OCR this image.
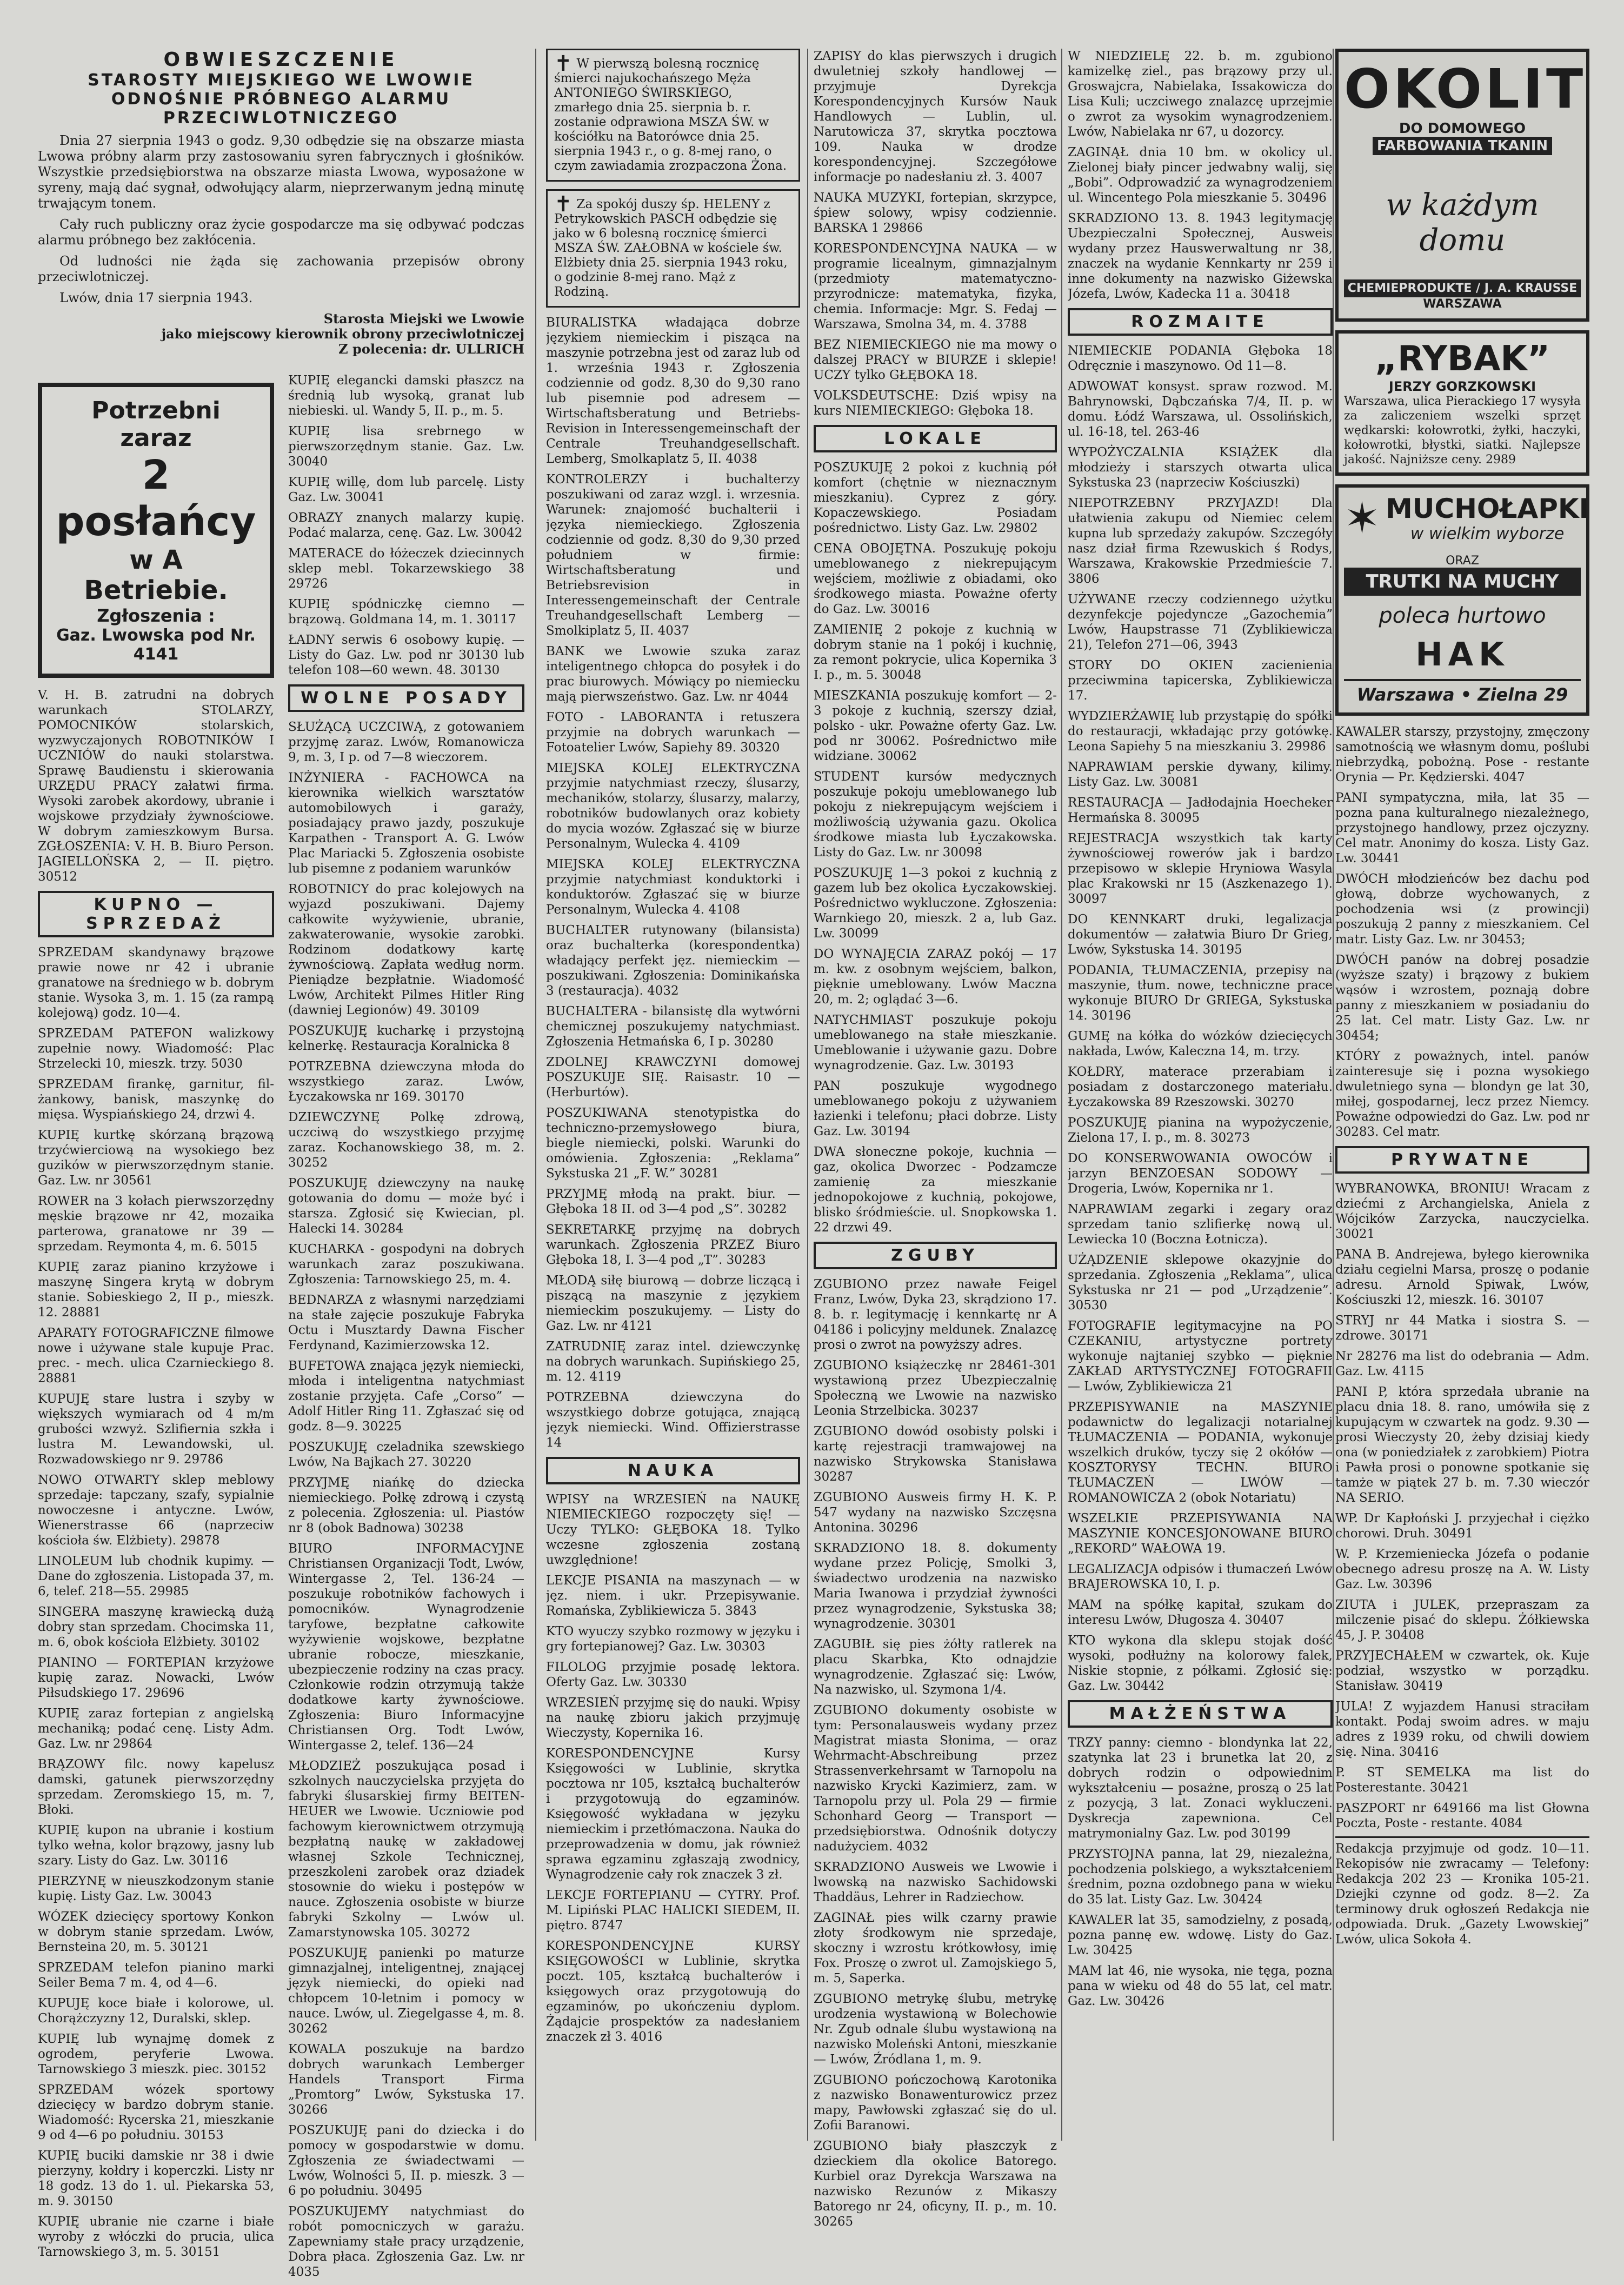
OBWIESZCZENIE
STAROSTY MIEJSKIEGO WE LWOWIE
ODNOŚNIE PRÓBNEGO ALARMU PRZECIWLOTNICZEGO
Dnia 27 sierpnia 1943 o godz. 9,30 odbędzie się na obszarze miasta Lwowa próbny alarm przy zastosowaniu syren fabrycznych i głośników. Wszystkie przedsiębiorstwa na obszarze miasta Lwowa, wyposażone w syreny, mają dać sygnał, odwołujący alarm, nieprzerwanym jedną minutę trwającym tonem.
Cały ruch publiczny oraz życie gospodarcze ma się odbywać podczas alarmu próbnego bez zakłócenia.
Od ludności nie żąda się zachowania przepisów obrony przeciwlotniczej.
Lwów, dnia 17 sierpnia 1943.
Starosta Miejski we Lwowie
jako miejscowy kierownik obrony przeciwlotniczej
Z polecenia: dr. ULLRICH
Potrzebni zaraz
2 posłańcy
w A Betriebie.
Zgłoszenia :
Gaz. Lwowska pod Nr. 4141
V. H. B. zatrudni na dobrych warunkach STOLARZY, POMOCNIKÓW stolarskich, wyzwyczajonych ROBOTNIKÓW I UCZNIÓW do nauki stolarstwa. Sprawę Baudienstu i skierowania URZĘDU PRACY załatwi firma. Wysoki zarobek akordowy, ubranie i wojskowe przydziały żywnościowe. W dobrym zamieszkowym Bursa. ZGŁOSZENIA: V. H. B. Biuro Person. JAGIELLOŃSKA 2, — II. piętro. 30512
KUPNO — SPRZEDAŻ
SPRZEDAM skandynawy brązowe prawie nowe nr 42 i ubranie granatowe na średniego w b. dobrym stanie. Wysoka 3, m. 1. 15 (za rampą kolejową) godz. 10—4.
SPRZEDAM PATEFON walizkowy zupełnie nowy. Wiadomość: Plac Strzelecki 10, mieszk. trzy. 5030
SPRZEDAM firankę, garnitur, filżankowy, banisk, maszynkę do mięsa. Wyspiańskiego 24, drzwi 4.
KUPIĘ kurtkę skórzaną brązową trzyćwierciową na wysokiego bez guzików w pierwszorzędnym stanie. Gaz. Lw. nr 30561
ROWER na 3 kołach pierwszorzędny męskie brązowe nr 42, mozaika parterowa, granatowe nr 39 — sprzedam. Reymonta 4, m. 6. 5015
KUPIĘ zaraz pianino krzyżowe i maszynę Singera krytą w dobrym stanie. Sobieskiego 2, II p., mieszk. 12. 28881
APARATY FOTOGRAFICZNE filmowe nowe i używane stale kupuje Prac. prec. - mech. ulica Czarnieckiego 8. 28881
KUPUJĘ stare lustra i szyby w większych wymiarach od 4 m/m grubości wzwyż. Szlifiernia szkła i lustra M. Lewandowski, ul. Rozwadowskiego nr 9. 29786
NOWO OTWARTY sklep meblowy sprzedaje: tapczany, szafy, sypialnie nowoczesne i antyczne. Lwów, Wienerstrasse 66 (naprzeciw kościoła św. Elżbiety). 29878
LINOLEUM lub chodnik kupimy. — Dane do zgłoszenia. Listopada 37, m. 6, telef. 218—55. 29985
SINGERA maszynę krawiecką dużą dobry stan sprzedam. Chocimska 11, m. 6, obok kościoła Elżbiety. 30102
PIANINO — FORTEPIAN krzyżowe kupię zaraz. Nowacki, Lwów Piłsudskiego 17. 29696
KUPIĘ zaraz fortepian z angielską mechaniką; podać cenę. Listy Adm. Gaz. Lw. nr 29864
BRĄZOWY filc. nowy kapelusz damski, gatunek pierwszorzędny sprzedam. Zeromskiego 15, m. 7, Błoki.
KUPIĘ kupon na ubranie i kostium tylko wełna, kolor brązowy, jasny lub szary. Listy do Gaz. Lw. 30116
PIERZYNĘ w nieuszkodzonym stanie kupię. Listy Gaz. Lw. 30043
WÓZEK dziecięcy sportowy Konkon w dobrym stanie sprzedam. Lwów, Bernsteina 20, m. 5. 30121
SPRZEDAM telefon pianino marki Seiler Bema 7 m. 4, od 4—6.
KUPUJĘ koce białe i kolorowe, ul. Chorążczyzny 12, Duralski, sklep.
KUPIĘ lub wynajmę domek z ogrodem, peryferie Lwowa. Tarnowskiego 3 mieszk. piec. 30152
SPRZEDAM wózek sportowy dziecięcy w bardzo dobrym stanie. Wiadomość: Rycerska 21, mieszkanie 9 od 4—6 po południu. 30153
KUPIĘ buciki damskie nr 38 i dwie pierzyny, kołdry i koperczki. Listy nr 18 godz. 13 do 1. ul. Piekarska 53, m. 9. 30150
KUPIĘ ubranie nie czarne i białe wyroby z włóczki do pruciа, ulica Tarnowskiego 3, m. 5. 30151
KUPIĘ elegancki damski płaszcz na średnią lub wysoką, granat lub niebieski. ul. Wandy 5, II. p., m. 5.
KUPIĘ lisa srebrnego w pierwszorzędnym stanie. Gaz. Lw. 30040
KUPIĘ willę, dom lub parcelę. Listy Gaz. Lw. 30041
OBRAZY znanych malarzy kupię. Podać malarza, cenę. Gaz. Lw. 30042
MATERACE do łóżeczek dziecinnych sklep mebl. Tokarzewskiego 38 29726
KUPIĘ spódniczkę ciemno — brązową. Goldmana 14, m. 1. 30117
ŁADNY serwis 6 osobowy kupię. — Listy do Gaz. Lw. pod nr 30130 lub telefon 108—60 wewn. 48. 30130
WOLNE POSADY
SŁUŻĄCĄ UCZCIWĄ, z gotowaniem przyjmę zaraz. Lwów, Romanowicza 9, m. 3, I p. od 7—8 wieczorem.
INŻYNIERA - FACHOWCA na kierownika wielkich warsztatów automobilowych i garaży, posiadający prawo jazdy, poszukuje Karpathen - Transport A. G. Lwów Plac Mariacki 5. Zgłoszenia osobiste lub pisemne z podaniem warunków
ROBOTNICY do prac kolejowych na wyjazd poszukiwani. Dajemy całkowite wyżywienie, ubranie, zakwaterowanie, wysokie zarobki. Rodzinom dodatkowy kartę żywnościową. Zapłata według norm. Pieniądze bezpłatnie. Wiadomość Lwów, Architekt Pilmes Hitler Ring (dawniej Legionów) 49. 30109
POSZUKUJĘ kucharkę i przystojną kelnerkę. Restauracja Koralnicka 8
POTRZEBNA dziewczyna młoda do wszystkiego zaraz. Lwów, Łyczakowska nr 169. 30170
DZIEWCZYNĘ Polkę zdrową, uczciwą do wszystkiego przyjmę zaraz. Kochanowskiego 38, m. 2. 30252
POSZUKUJĘ dziewczyny na naukę gotowania do domu — może być i starsza. Zgłosić się Kwiecian, pl. Halecki 14. 30284
KUCHARKA - gospodyni na dobrych warunkach zaraz poszukiwana. Zgłoszenia: Tarnowskiego 25, m. 4.
BEDNARZA z własnymi narzędziami na stałe zajęcie poszukuje Fabryka Octu i Musztardy Dawna Fischer Ferdynand, Kazimierzowska 12.
BUFETOWA znająca język niemiecki, młoda i inteligentna natychmiast zostanie przyjęta. Cafe „Corso” — Adolf Hitler Ring 11. Zgłaszać się od godz. 8—9. 30225
POSZUKUJĘ czeladnika szewskiego Lwów, Na Bajkach 27. 30220
PRZYJMĘ niańkę do dziecka niemieckiego. Połkę zdrową i czystą z polecenia. Zgłoszenia: ul. Piastów nr 8 (obok Badnowa) 30238
BIURO INFORMACYJNE Christiansen Organizacji Todt, Lwów, Wintergasse 2, Tel. 136-24 — poszukuje robotników fachowych i pomocników. Wynagrodzenie taryfowe, bezpłatne całkowite wyżywienie wojskowe, bezpłatne ubranie robocze, mieszkanie, ubezpieczenie rodziny na czas pracy. Członkowie rodzin otrzymują także dodatkowe karty żywnościowe. Zgłoszenia: Biuro Informacyjne Christiansen Org. Todt Lwów, Wintergasse 2, telef. 136—24
MŁODZIEŻ poszukująca posad i szkolnych nauczycielska przyjęta do fabryki ślusarskiej firmy BEITEN-HEUER we Lwowie. Uczniowie pod fachowym kierownictwem otrzymują bezpłatną naukę w zakładowej własnej Szkole Technicznej, przeszkoleni zarobek oraz dziadek stosownie do wieku i postępów w nauce. Zgłoszenia osobiste w biurze fabryki Szkolny — Lwów ul. Zamarstynowska 105. 30272
POSZUKUJĘ panienki po maturze gimnazjalnej, inteligentnej, znającej język niemiecki, do opieki nad chłopcem 10-letnim i pomocy w nauce. Lwów, ul. Ziegelgasse 4, m. 8. 30262
KOWALA poszukuje na bardzo dobrych warunkach Lemberger Handels Transport Firma „Promtorg” Lwów, Sykstuska 17. 30266
POSZUKUJĘ pani do dziecka i do pomocy w gospodarstwie w domu. Zgłoszenia ze świadectwami — Lwów, Wolności 5, II. p. mieszk. 3 — 6 po południu. 30495
POSZUKUJEMY natychmiast do robót pomocniczych w garażu. Zapewniamy stałe pracy urządzenie, Dobra płaca. Zgłoszenia Gaz. Lw. nr 4035
✝ W pierwszą bolesną rocznicę śmierci najukochańszego Męża ANTONIEGO ŚWIRSKIEGO, zmarłego dnia 25. sierpnia b. r. zostanie odprawiona MSZA ŚW. w kościółku na Batorówce dnia 25. sierpnia 1943 r., o g. 8-mej rano, o czym zawiadamia zrozpaczona Żona.
✝ Za spokój duszy śp. HELENY z Petrykowskich PASCH odbędzie się jako w 6 bolesną rocznicę śmierci MSZA ŚW. ZAŁOBNA w kościele św. Elżbiety dnia 25. sierpnia 1943 roku, o godzinie 8-mej rano. Mąż z Rodziną.
BIURALISTKA władająca dobrze językiem niemieckim i pisząca na maszynie potrzebna jest od zaraz lub od 1. września 1943 r. Zgłoszenia codziennie od godz. 8,30 do 9,30 rano lub pisemnie pod adresem — Wirtschaftsberatung und Betriebs-Revision in Interessengemeinschaft der Centrale Treuhandgesellschaft. Lemberg, Smolkaplatz 5, II. 4038
KONTROLERZY i buchalterzy poszukiwani od zaraz wzgl. i. wrzesnia. Warunek: znajomość buchalterii i języka niemieckiego. Zgłoszenia codziennie od godz. 8,30 do 9,30 przed południem w firmie: Wirtschaftsberatung und Betriebsrevision in Interessengemeinschaft der Centrale Treuhandgesellschaft Lemberg — Smolkiplatz 5, II. 4037
BANK we Lwowie szuka zaraz inteligentnego chłopca do posyłek i do prac biurowych. Mówiący po niemiecku mają pierwszeństwo. Gaz. Lw. nr 4044
FOTO - LABORANTA i retuszera przyjmie na dobrych warunkach — Fotoatelier Lwów, Sapiehy 89. 30320
MIEJSKA KOLEJ ELEKTRYCZNA przyjmie natychmiast rzeczy, ślusarzy, mechaników, stolarzy, ślusarzy, malarzy, robotników budowlanych oraz kobiety do mycia wozów. Zgłaszać się w biurze Personalnym, Wulecka 4. 4109
MIEJSKA KOLEJ ELEKTRYCZNA przyjmie natychmiast konduktorki i konduktorów. Zgłaszać się w biurze Personalnym, Wulecka 4. 4108
BUCHALTER rutynowany (bilansista) oraz buchalterka (korespondentka) władający perfekt jęz. niemieckim — poszukiwani. Zgłoszenia: Dominikańska 3 (restauracja). 4032
BUCHALTERA - bilansistę dla wytwórni chemicznej poszukujemy natychmiast. Zgłoszenia Hetmańska 6, I p. 30280
ZDOLNEJ KRAWCZYNI domowej POSZUKUJE SIĘ. Raisastr. 10 — (Herburtów).
POSZUKIWANA stenotypistka do techniczno-przemysłowego biura, biegle niemiecki, polski. Warunki do omówienia. Zgłoszenia: „Reklama” Sykstuska 21 „F. W.” 30281
PRZYJMĘ młodą na prakt. biur. — Głęboka 18 II. od 3—4 pod „S”. 30282
SEKRETARKĘ przyjmę na dobrych warunkach. Zgłoszenia PRZEZ Biuro Głęboka 18, I. 3—4 pod „T”. 30283
MŁODĄ siłę biurową — dobrze liczącą i piszącą na maszynie z językiem niemieckim poszukujemy. — Listy do Gaz. Lw. nr 4121
ZATRUDNIĘ zaraz intel. dziewczynkę na dobrych warunkach. Supińskiego 25, m. 12. 4119
POTRZEBNA dziewczyna do wszystkiego dobrze gotująca, znającą język niemiecki. Wind. Offizierstrasse 14
NAUKA
WPISY na WRZESIEŃ na NAUKĘ NIEMIECKIEGO rozpoczęty się! — Uczy TYLKO: GŁĘBOKA 18. Tylko wczesne zgłoszenia zostaną uwzględnione!
LEKCJE PISANIA na maszynach — w jęz. niem. i ukr. Przepisywanie. Romańska, Zyblikiewicza 5. 3843
KTO wyuczy szybko rozmowy w języku i gry fortepianowej? Gaz. Lw. 30303
FILOLOG przyjmie posadę lektora. Oferty Gaz. Lw. 30330
WRZESIEŃ przyjmę się do nauki. Wpisy na naukę zbioru jakich przyjmuję Wieczysty, Kopernika 16.
KORESPONDENCYJNE Kursy Księgowości w Lublinie, skrytka pocztowa nr 105, kształcą buchalterów i przygotowują do egzaminów. Księgowość wykładana w języku niemieckim i przetłómaczona. Nauka do przeprowadzenia w domu, jak również sprawa egzaminu zgłaszają zwodnicy, Wynagrodzenie cały rok znaczek 3 zł.
LEKCJE FORTEPIANU — CYTRY. Prof. M. Lipiński PLAC HALICKI SIEDEM, II. piętro. 8747
KORESPONDENCYJNE KURSY KSIĘGOWOŚCI w Lublinie, skrytka poczt. 105, kształcą buchalterów i księgowych oraz przygotowują do egzaminów, po ukończeniu dyplom. Żądajcie prospektów za nadesłaniem znaczek zł 3. 4016
ZAPISY do klas pierwszych i drugich dwuletniej szkoły handlowej — przyjmuje Dyrekcja Korespondencyjnych Kursów Nauk Handlowych — Lublin, ul. Narutowicza 37, skrytka pocztowa 109. Nauka w drodze korespondencyjnej. Szczegółowe informacje po nadesłaniu zł. 3. 4007
NAUKA MUZYKI, fortepian, skrzypce, śpiew solowy, wpisy codziennie. BARSKA 1 29866
KORESPONDENCYJNA NAUKA — w programie licealnym, gimnazjalnym (przedmioty matematyczno-przyrodnicze: matematyka, fizyka, chemia. Informacje: Mgr. S. Fedaj — Warszawa, Smolna 34, m. 4. 3788
BEZ NIEMIECKIEGO nie ma mowy o dalszej PRACY w BIURZE i sklepie! UCZY tylko GŁĘBOKA 18.
VOLKSDEUTSCHE: Dziś wpisy na kurs NIEMIECKIEGO: Głęboka 18.
LOKALE
POSZUKUJĘ 2 pokoi z kuchnią pół komfort (chętnie w nieznacznym mieszkaniu). Cyprez z góry. Kopaczewskiego. Posiadam pośrednictwo. Listy Gaz. Lw. 29802
CENA OBOJĘTNA. Poszukuję pokoju umeblowanego z niekrepującym wejściem, możliwie z obiadami, oko środkowego miasta. Poważne oferty do Gaz. Lw. 30016
ZAMIENIĘ 2 pokoje z kuchnią w dobrym stanie na 1 pokój i kuchnię, za remont pokrycie, ulica Kopernika 3 I. p., m. 5. 30048
MIESZKANIA poszukuję komfort — 2-3 pokoje z kuchnią, szerszy dział, polsko - ukr. Poważne oferty Gaz. Lw. pod nr 30062. Pośrednictwo miłe widziane. 30062
STUDENT kursów medycznych poszukuje pokoju umeblowanego lub pokoju z niekrepującym wejściem i możliwością używania gazu. Okolica środkowe miasta lub Łyczakowska. Listy do Gaz. Lw. nr 30098
POSZUKUJĘ 1—3 pokoi z kuchnią z gazem lub bez okolica Łyczakowskiej. Pośrednictwo wykluczone. Zgłoszenia: Warnkiego 20, mieszk. 2 a, lub Gaz. Lw. 30099
DO WYNAJĘCIA ZARAZ pokój — 17 m. kw. z osobnym wejściem, balkon, pięknie umeblowany. Lwów Maczna 20, m. 2; oglądać 3—6.
NATYCHMIAST poszukuje pokoju umeblowanego na stałe mieszkanie. Umeblowanie i używanie gazu. Dobre wynagrodzenie. Gaz. Lw. 30193
PAN poszukuje wygodnego umeblowanego pokoju z używaniem łazienki i telefonu; płaci dobrze. Listy Gaz. Lw. 30194
DWA słoneczne pokoje, kuchnia — gaz, okolica Dworzec - Podzamcze zamienię za mieszkanie jednopokojowe z kuchnią, pokojowe, blisko śródmieście. ul. Snopkowska 1. 22 drzwi 49.
ZGUBY
ZGUBIONO przez nawałe Feigel Franz, Lwów, Dyka 23, skrądziono 17. 8. b. r. legitymację i kennkartę nr A 04186 i policyjny meldunek. Znalazcę prosi o zwrot na powyższy adres.
ZGUBIONO książeczkę nr 28461-301 wystawioną przez Ubezpieczalnię Społeczną we Lwowie na nazwisko Leonia Strzelbicka. 30237
ZGUBIONO dowód osobisty polski i kartę rejestracji tramwajowej na nazwisko Strykowska Stanisława 30287
ZGUBIONO Ausweis firmy H. K. P. 547 wydany na nazwisko Szczęsna Antonina. 30296
SKRADZIONO 18. 8. dokumenty wydane przez Policję, Smolki 3, świadectwo urodzenia na nazwisko Maria Iwanowa i przydział żywności przez wynagrodzenie, Sykstuska 38; wynagrodzenie. 30301
ZAGUBIŁ się pies żółty ratlerek na placu Skarbka, Kto odnajdzie wynagrodzenie. Zgłaszać się: Lwów, Na nazwisko, ul. Szymona 1/4.
ZGUBIONO dokumenty osobiste w tym: Personalausweis wydany przez Magistrat miasta Słonima, — oraz Wehrmacht-Abschreibung przez Strassenverkehrsamt w Tarnopolu na nazwisko Krycki Kazimierz, zam. w Tarnopolu przy ul. Pola 29 — firmie Schonhard Georg — Transport — przedsiębiorstwa. Odnośnik dotyczy nadużyciem. 4032
SKRADZIONO Ausweis we Lwowie i lwowską na nazwisko Sachidowski Thaddäus, Lehrer in Radziechow.
ZAGINAŁ pies wilk czarny prawie złoty środkowym nie sprzedaje, skoczny i wzrostu krótkowłosy, imię Fox. Proszę o zwrot ul. Zamojskiego 5, m. 5, Saperka.
ZGUBIONO metrykę ślubu, metrykę urodzenia wystawioną w Bolechowie Nr. Zgub odnale ślubu wystawioną na nazwisko Moleński Antoni, mieszkanie — Lwów, Źródlana 1, m. 9.
ZGUBIONO pończochową Karotonika z nazwisko Bonawenturowicz przez mapy, Pawłowski zgłaszać się do ul. Zofii Baranowi.
ZGUBIONO biały płaszczyk z dzieckiem dla okolice Batorego. Kurbiel oraz Dyrekcja Warszawa na nazwisko Rezunów z Mikaszy Batorego nr 24, oficyny, II. p., m. 10. 30265
W NIEDZIELĘ 22. b. m. zgubiono kamizelkę ziel., pas brązowy przy ul. Groswajcra, Nabielaka, Issakowicza do Lisa Kuli; uczciwego znalazcę uprzejmie o zwrot za wysokim wynagrodzeniem. Lwów, Nabielaka nr 67, u dozorcy.
ZAGINĄŁ dnia 10 bm. w okolicy ul. Zielonej biały pincer jedwabny walij, się „Bobi”. Odprowadzić za wynagrodzeniem ul. Wincentego Pola mieszkanie 5. 30496
SKRADZIONO 13. 8. 1943 legitymację Ubezpieczalni Społecznej, Ausweis wydany przez Hauswerwaltung nr 38, znaczek na wydanie Kennkarty nr 259 i inne dokumenty na nazwisko Giżewska Józefa, Lwów, Kadecka 11 a. 30418
ROZMAITE
NIEMIECKIE PODANIA Głęboka 18 Odręcznie i maszynowo. Od 11—8.
ADWOWAT konsyst. spraw rozwod. M. Bahrynowski, Dąbczańska 7/4, II. p. w domu. Łódź Warszawa, ul. Ossolińskich, ul. 16-18, tel. 263-46
WYPOŻYCZALNIA KSIĄŻEK dla młodzieży i starszych otwarta ulica Sykstuska 23 (naprzeciw Kościuszki)
NIEPOTRZEBNY PRZYJAZD! Dla ułatwienia zakupu od Niemiec celem kupna lub sprzedaży zakupów. Szczegóły nasz dział firma Rzewuskich ś Rodys, Warszawa, Krakowskie Przedmieście 7. 3806
UŻYWANE rzeczy codziennego użytku dezynfekcje pojedyncze „Gazochemia” Lwów, Haupstrasse 71 (Zyblikiewicza 21), Telefon 271—06, 3943
STORY DO OKIEN zacienienia przeciwmina tapicerska, Zyblikiewicza 17.
WYDZIERŻAWIĘ lub przystąpię do spółki do restauracji, wkładając przy gotówkę. Leona Sapiehy 5 na mieszkaniu 3. 29986
NAPRAWIAM perskie dywany, kilimy. Listy Gaz. Lw. 30081
RESTAURACJA — Jadłodajnia Hoecheker Hermańska 8. 30095
REJESTRACJA wszystkich tak karty żywnościowej rowerów jak i bardzo przepisowo w sklepie Hryniowa Wasyla plac Krakowski nr 15 (Aszkenazego 1). 30097
DO KENNKART druki, legalizacja dokumentów — załatwia Biuro Dr Grieg, Lwów, Sykstuska 14. 30195
PODANIA, TŁUMACZENIA, przepisy na maszynie, tłum. nowe, techniczne prace wykonuje BIURO Dr GRIEGA, Sykstuska 14. 30196
GUMĘ na kółka do wózków dziecięcych nakłada, Lwów, Kaleczna 14, m. trzy.
KOŁDRY, materace przerabiam i posiadam z dostarczonego materiału. Łyczakowska 89 Rzeszowski. 30270
POSZUKUJĘ pianina na wypożyczenie, Zielona 17, I. p., m. 8. 30273
DO KONSERWOWANIA OWOCÓW i jarzyn BENZOESAN SODOWY — Drogeria, Lwów, Kopernika nr 1.
NAPRAWIAM zegarki i zegary oraz sprzedam tanio szlifierkę nową ul. Lewiecka 10 (Boczna Łotnicza).
UŻĄDZENIE sklepowe okazyjnie do sprzedania. Zgłoszenia „Reklama”, ulica Sykstuska nr 21 — pod „Urządzenie”. 30530
FOTOGRAFIE legitymacyjne na PO CZEKANIU, artystyczne portrety wykonuje najtaniej szybko — pięknie ZAKŁAD ARTYSTYCZNEJ FOTOGRAFII — Lwów, Zyblikiewicza 21
PRZEPISYWANIE na MASZYNIE podawnictw do legalizacji notarialnej TŁUMACZENIA — PODANIA, wykonuje wszelkich druków, tyczy się 2 okółów — KOSZTORYSY TECHN. BIURO TŁUMACZEŃ — LWÓW — ROMANOWICZA 2 (obok Notariatu)
WSZELKIE PRZEPISYWANIA NA MASZYNIE KONCESJONOWANE BIURO „REKORD” WAŁOWA 19.
LEGALIZACJA odpisów i tłumaczeń Lwów BRAJEROWSKA 10, I. p.
MAM na spółkę kapitał, szukam do interesu Lwów, Długosza 4. 30407
KTO wykona dla sklepu stojak dość wysoki, podłużny na kolorowy falek, Niskie stopnie, z półkami. Zgłosić się: Gaz. Lw. 30442
MAŁŻEŃSTWA
TRZY panny: ciemno - blondynka lat 22, szatynka lat 23 i brunetka lat 20, z dobrych rodzin o odpowiednim wykształceniu — posażne, proszą o 25 lat z pozycją, 3 lat. Zonaci wykluczeni. Dyskrecja zapewniona. Cel matrymonialny Gaz. Lw. pod 30199
PRZYSTOJNA panna, lat 29, niezależna, pochodzenia polskiego, a wykształceniem średnim, pozna ozdobnego pana w wieku do 35 lat. Listy Gaz. Lw. 30424
KAWALER lat 35, samodzielny, z posadą, pozna pannę ew. wdowę. Listy do Gaz. Lw. 30425
MAM lat 46, nie wysoka, nie tęga, pozna pana w wieku od 48 do 55 lat, cel matr. Gaz. Lw. 30426
OKOLIT
DO DOMOWEGO
FARBOWANIA TKANIN
w każdym domu
CHEMIEPRODUKTE / J. A. KRAUSSE
WARSZAWA
„RYBAK”
JERZY GORZKOWSKI
Warszawa, ulica Pierackiego 17 wysyła za zaliczeniem wszelki sprzęt wędkarski: kołowrotki, żyłki, haczyki, kołowrotki, błystki, siatki. Najlepsze jakość. Najniższe ceny. 2989
✶ MUCHOŁAPKI
w wielkim wyborze
ORAZ
TRUTKI NA MUCHY
poleca hurtowo
HAK
Warszawa • Zielna 29
KAWALER starszy, przystojny, zmęczony samotnością we własnym domu, poślubi niebrzydką, pobożną. Pose - restante Orynia — Pr. Kędzierski. 4047
PANI sympatyczna, miła, lat 35 — pozna pana kulturalnego niezależnego, przystojnego handlowy, przez ojczyzny. Cel matr. Anonimy do kosza. Listy Gaz. Lw. 30441
DWÓCH młodzieńców bez dachu pod głową, dobrze wychowanych, z pochodzenia wsi (z prowincji) poszukują 2 panny z mieszkaniem. Cel matr. Listy Gaz. Lw. nr 30453;
DWÓCH panów na dobrej posadzie (wyższe szaty) i brązowy z bukiem wąsów i wzrostem, poznają dobre panny z mieszkaniem w posiadaniu do 25 lat. Cel matr. Listy Gaz. Lw. nr 30454;
KTÓRY z poważnych, intel. panów zainteresuje się i pozna wysokiego dwuletniego syna — blondyn ge lat 30, miłej, gospodarnej, lecz przez Niemcy. Poważne odpowiedzi do Gaz. Lw. pod nr 30283. Cel matr.
PRYWATNE
WYBRANOWKA, BRONIU! Wracam z dziećmi z Archangielska, Aniela z Wójcików Zarzycka, nauczycielka. 30021
PANA B. Andrejewa, byłego kierownika działu cegielni Marsa, proszę o podanie adresu. Arnold Spiwak, Lwów, Kościuszki 12, mieszk. 16. 30107
STRYJ nr 44 Matka i siostra S. — zdrowe. 30171
Nr 28276 ma list do odebrania — Adm. Gaz. Lw. 4115
PANI P, która sprzedała ubranie na placu dnia 18. 8. rano, umówiła się z kupującym w czwartek na godz. 9.30 — prosi Wieczysty 20, żeby dzisiaj kiedy ona (w poniedziałek z zarobkiem) Piotra i Pawła prosi o ponowne spotkanie się tamże w piątek 27 b. m. 7.30 wieczór NA SERIO.
WP. Dr Kapłoński J. przyjechał i ciężko chorowi. Druh. 30491
W. P. Krzemieniecka Józefa o podanie obecnego adresu proszę na A. W. Listy Gaz. Lw. 30396
ZIUTA i JULEK, przepraszam za milczenie pisać do sklepu. Żółkiewska 45, J. P. 30408
PRZYJECHAŁEM w czwartek, ok. Kuje podział, wszystko w porządku. Stanisław. 30419
JULA! Z wyjazdem Hanusi straciłam kontakt. Podaj swoim adres. w maju adres z 1939 roku, od chwili dowiem się. Nina. 30416
P. ST SEMELKA ma list do Posterestante. 30421
PASZPORT nr 649166 ma list Głowna Poczta, Poste - restante. 4084
Redakcja przyjmuje od godz. 10—11. Rekopisów nie zwracamy — Telefony: Redakcja 202 23 — Kronika 105-21. Dziejki czynne od godz. 8—2. Za terminowy druk ogłoszeń Redakcja nie odpowiada. Druk. „Gazety Lwowskiej” Lwów, ulica Sokoła 4.
